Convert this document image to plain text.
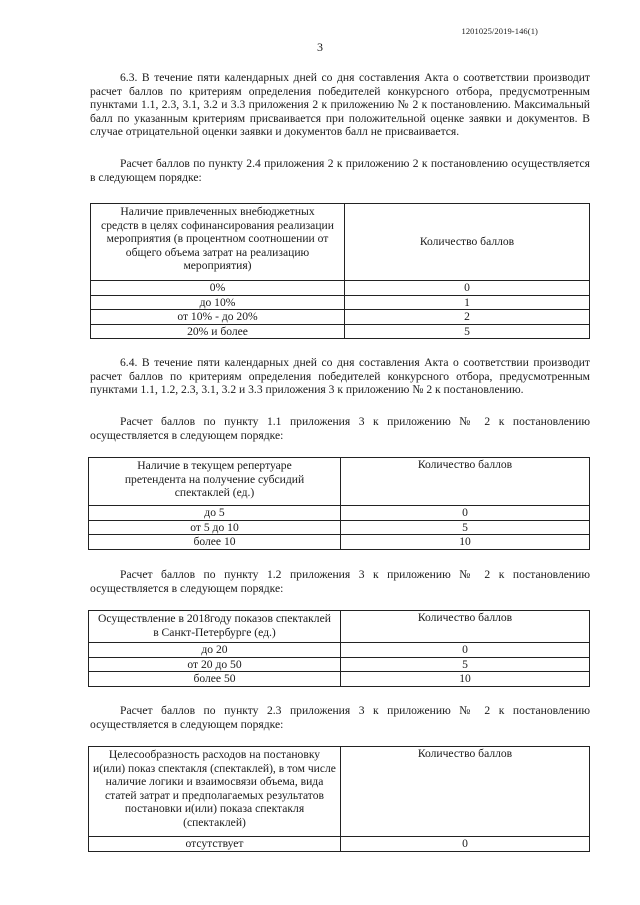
1201025/2019-146(1)
3

6.3. В течение пяти календарных дней со дня составления Акта о соответствии производит расчет баллов по критериям определения победителей конкурсного отбора, предусмотренным пунктами 1.1, 2.3, 3.1, 3.2 и 3.3 приложения 2 к приложению № 2 к постановлению. Максимальный балл по указанным критериям присваивается при положительной оценке заявки и документов. В случае отрицательной оценки заявки и документов балл не присваивается.

Расчет баллов по пункту 2.4 приложения 2 к приложению 2 к постановлению осуществляется в следующем порядке:

Наличие привлеченных внебюджетных средств в целях софинансирования реализации мероприятия (в процентном соотношении от общего объема затрат на реализацию мероприятия)	Количество баллов
0%	0
до 10%	1
от 10% - до 20%	2
20% и более	5

6.4. В течение пяти календарных дней со дня составления Акта о соответствии производит расчет баллов по критериям определения победителей конкурсного отбора, предусмотренным пунктами 1.1, 1.2, 2.3, 3.1, 3.2 и 3.3 приложения 3 к приложению № 2 к постановлению.

Расчет баллов по пункту 1.1 приложения 3 к приложению № 2 к постановлению осуществляется в следующем порядке:

Наличие в текущем репертуаре претендента на получение субсидий спектаклей (ед.)	Количество баллов
до 5	0
от 5 до 10	5
более 10	10

Расчет баллов по пункту 1.2 приложения 3 к приложению № 2 к постановлению осуществляется в следующем порядке:

Осуществление в 2018году показов спектаклей в Санкт-Петербурге (ед.)	Количество баллов
до 20	0
от 20 до 50	5
более 50	10

Расчет баллов по пункту 2.3 приложения 3 к приложению № 2 к постановлению осуществляется в следующем порядке:

Целесообразность расходов на постановку и(или) показ спектакля (спектаклей), в том числе наличие логики и взаимосвязи объема, вида статей затрат и предполагаемых результатов постановки и(или) показа спектакля (спектаклей)	Количество баллов
отсутствует	0
